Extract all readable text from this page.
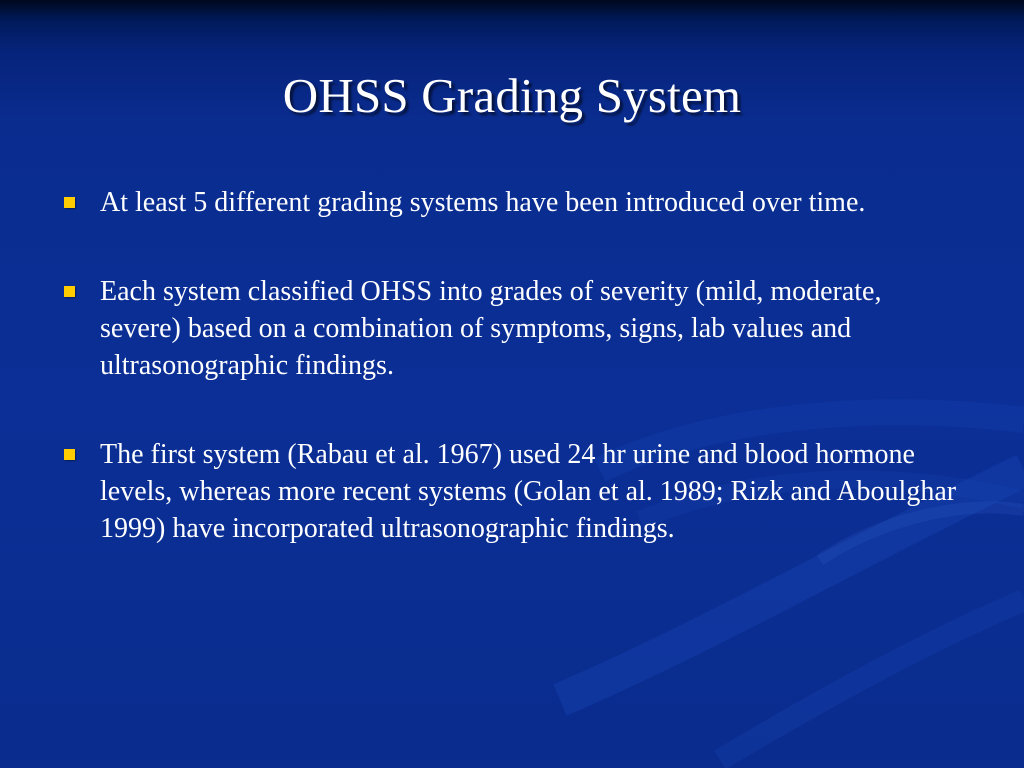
OHSS Grading System
At least 5 different grading systems have been introduced over time.
Each system classified OHSS into grades of severity (mild, moderate, severe) based on a combination of symptoms, signs, lab values and ultrasonographic findings.
The first system (Rabau et al. 1967) used 24 hr urine and blood hormone levels, whereas more recent systems (Golan et al. 1989; Rizk and Aboulghar 1999) have incorporated ultrasonographic findings.
